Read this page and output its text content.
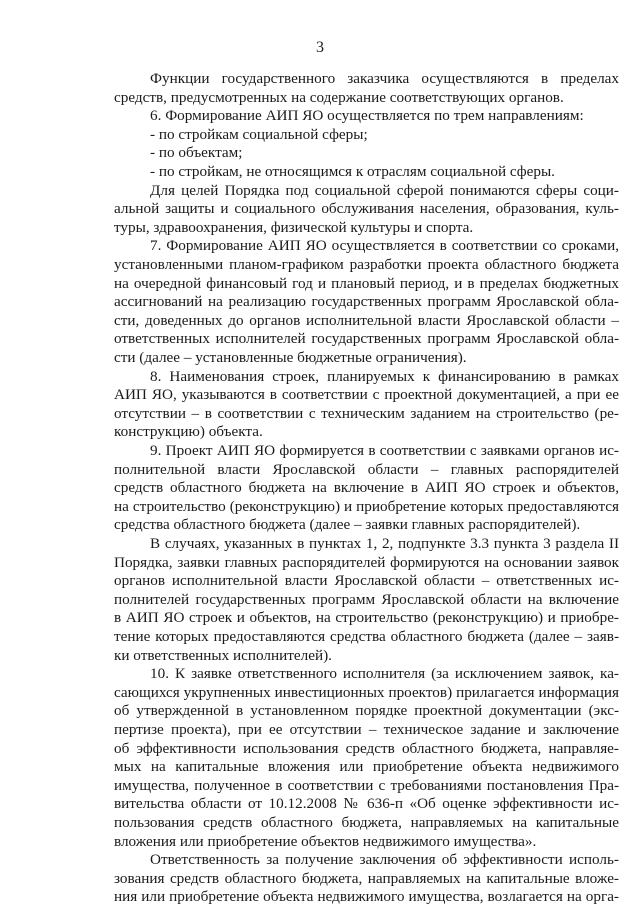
3
Функции государственного заказчика осуществляются в пределах
средств, предусмотренных на содержание соответствующих органов.
6. Формирование АИП ЯО осуществляется по трем направлениям:
- по стройкам социальной сферы;
- по объектам;
- по стройкам, не относящимся к отраслям социальной сферы.
Для целей Порядка под социальной сферой понимаются сферы соци-
альной защиты и социального обслуживания населения, образования, куль-
туры, здравоохранения, физической культуры и спорта.
7. Формирование АИП ЯО осуществляется в соответствии со сроками,
установленными планом-графиком разработки проекта областного бюджета
на очередной финансовый год и плановый период, и в пределах бюджетных
ассигнований на реализацию государственных программ Ярославской обла-
сти, доведенных до органов исполнительной власти Ярославской области –
ответственных исполнителей государственных программ Ярославской обла-
сти (далее – установленные бюджетные ограничения).
8. Наименования строек, планируемых к финансированию в рамках
АИП ЯО, указываются в соответствии с проектной документацией, а при ее
отсутствии – в соответствии с техническим заданием на строительство (ре-
конструкцию) объекта.
9. Проект АИП ЯО формируется в соответствии с заявками органов ис-
полнительной власти Ярославской области – главных распорядителей
средств областного бюджета на включение в АИП ЯО строек и объектов,
на строительство (реконструкцию) и приобретение которых предоставляются
средства областного бюджета (далее – заявки главных распорядителей).
В случаях, указанных в пунктах 1, 2, подпункте 3.3 пункта 3 раздела II
Порядка, заявки главных распорядителей формируются на основании заявок
органов исполнительной власти Ярославской области – ответственных ис-
полнителей государственных программ Ярославской области на включение
в АИП ЯО строек и объектов, на строительство (реконструкцию) и приобре-
тение которых предоставляются средства областного бюджета (далее – заяв-
ки ответственных исполнителей).
10. К заявке ответственного исполнителя (за исключением заявок, ка-
сающихся укрупненных инвестиционных проектов) прилагается информация
об утвержденной в установленном порядке проектной документации (экс-
пертизе проекта), при ее отсутствии – техническое задание и заключение
об эффективности использования средств областного бюджета, направляе-
мых на капитальные вложения или приобретение объекта недвижимого
имущества, полученное в соответствии с требованиями постановления Пра-
вительства области от 10.12.2008 № 636-п «Об оценке эффективности ис-
пользования средств областного бюджета, направляемых на капитальные
вложения или приобретение объектов недвижимого имущества».
Ответственность за получение заключения об эффективности исполь-
зования средств областного бюджета, направляемых на капитальные вложе-
ния или приобретение объекта недвижимого имущества, возлагается на орга-
